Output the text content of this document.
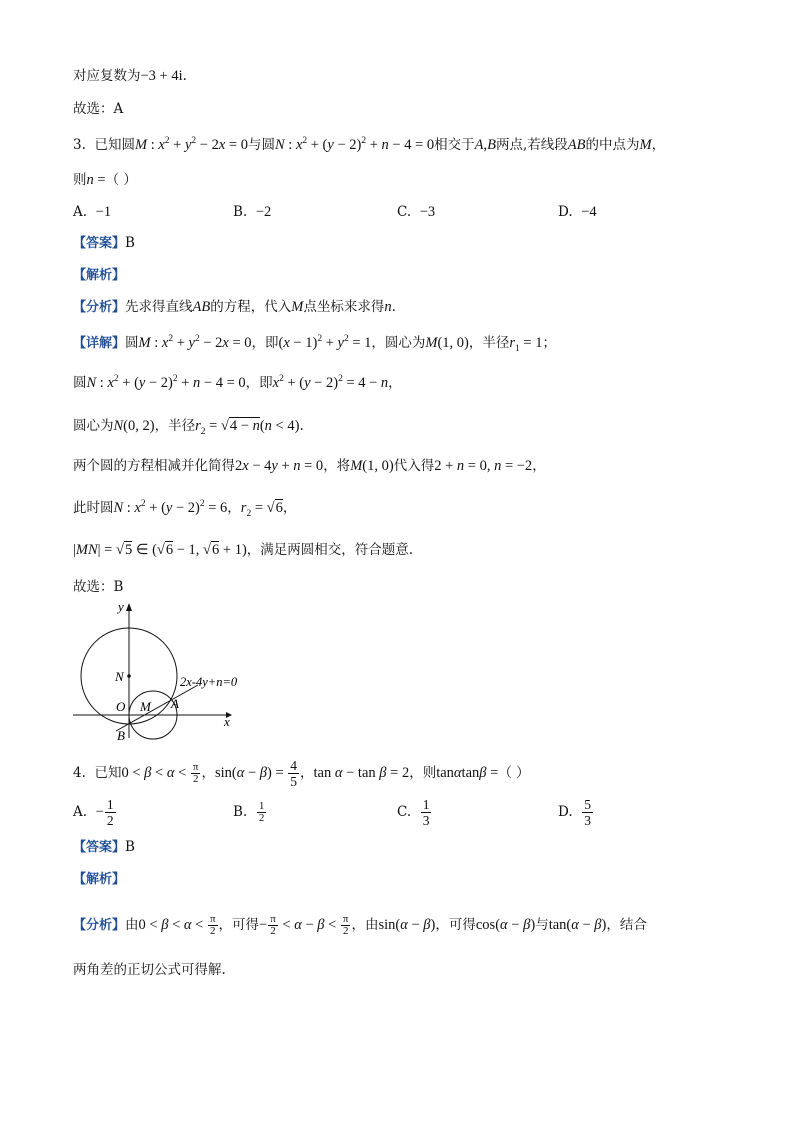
对应复数为−3 + 4i.
故选：A
3. 已知圆M : $x^2 + y^2 - 2x = 0$与圆N : $x^2 + (y - 2)^2 + n - 4 = 0$相交于A,B两点,若线段AB的中点为M，
则n =（ ）
A. −1	B. −2	C. −3	D. −4
【答案】B
【解析】
【分析】先求得直线AB的方程，代入M点坐标来求得n.
【详解】圆M : $x^2 + y^2 - 2x = 0$，即$(x - 1)^2 + y^2 = 1$，圆心为M(1, 0)，半径$r_1 = 1$；
圆N : $x^2 + (y - 2)^2 + n - 4 = 0$，即$x^2 + (y - 2)^2 = 4 - n$，
圆心为N(0, 2)，半径$r_2 = √4 - n(n < 4)$.
两个圆的方程相减并化简得2x − 4y + n = 0，将M(1, 0)代入得2 + n = 0, n = −2，
此时圆N : $x^2 + (y - 2)^2 = 6$，$r_2 = √6$，
|MN| = √5 ∈ (√6 − 1, √6 + 1)，满足两圆相交，符合题意.
故选：B
y
x
N
O M A
B
2x-4y+n=0
4. 已知$0 < \beta < \alpha < \frac{\pi}{2}$ ，$\sin(\alpha - \beta) = \frac{4}{5}$ ，tan α − tan β = 2，则tanαtanβ =（ ）
A. − $\frac{1}{2}$	B. $\frac{1}{2}$	C. $\frac{1}{3}$	D. $\frac{5}{3}$
【答案】B
【解析】
【分析】由$0 < \beta < \alpha < \frac{\pi}{2}$ ，可得− $\frac{\pi}{2} < \alpha - \beta < \frac{\pi}{2}$ ，由sin(α − β)，可得cos(α − β)与tan(α − β)，结合
两角差的正切公式可得解.
